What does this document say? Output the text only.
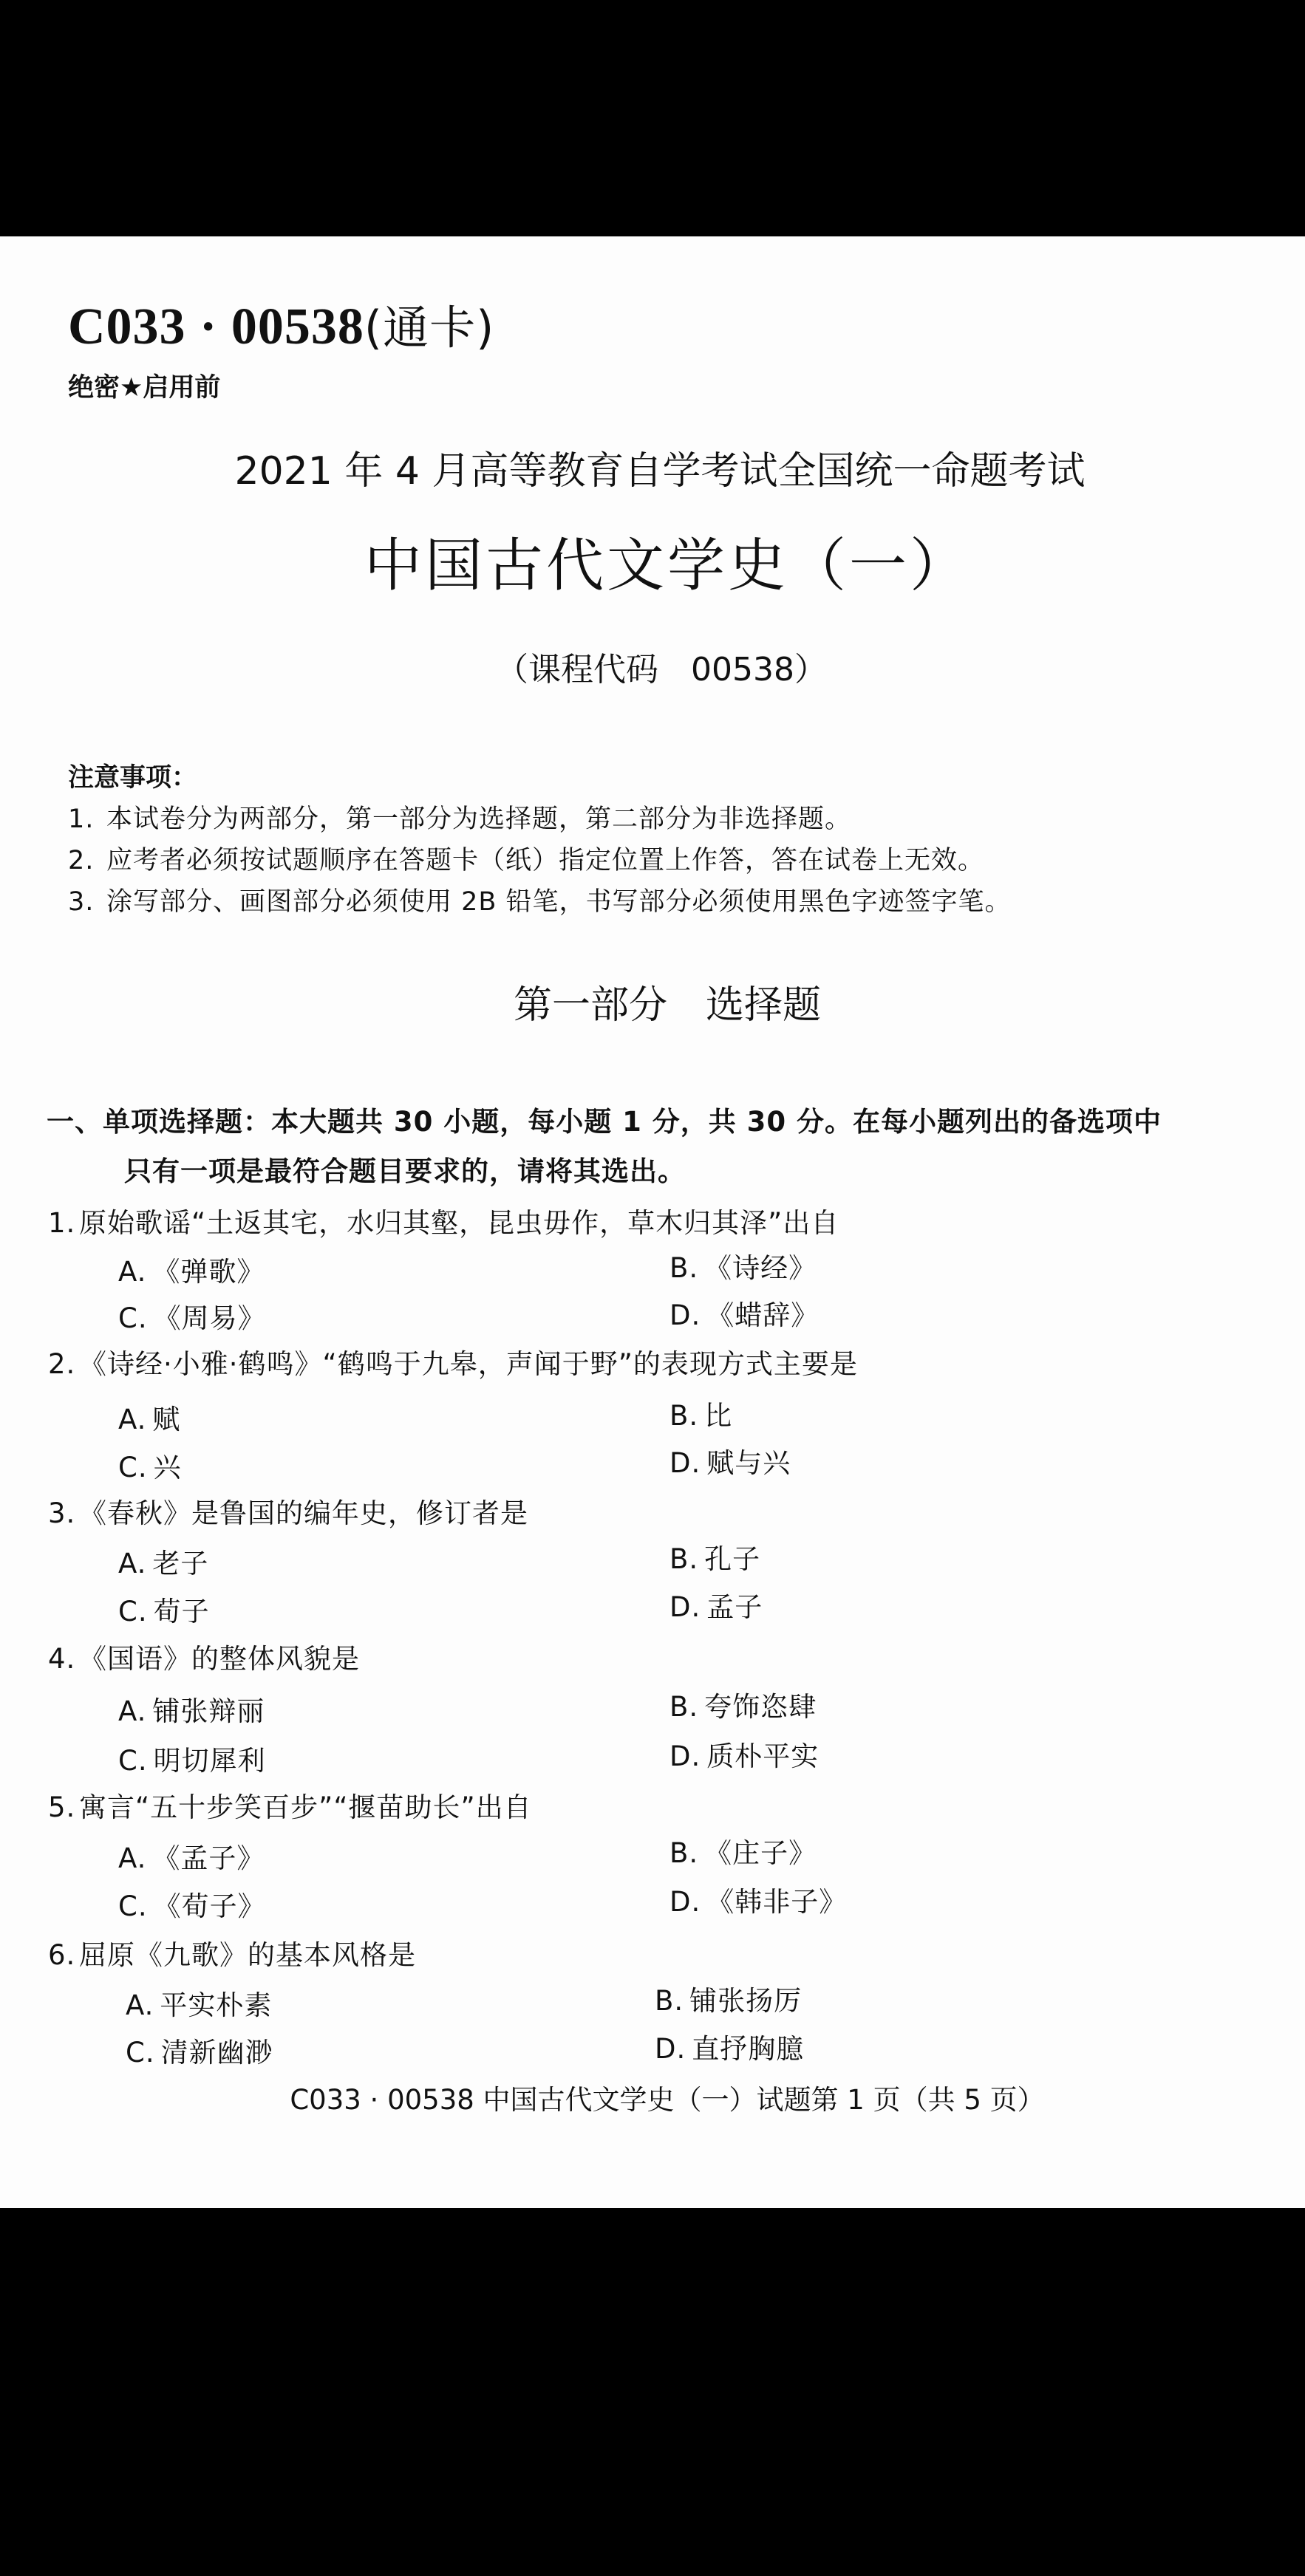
C033 · 00538(通卡)
绝密★启用前
2021 年 4 月高等教育自学考试全国统一命题考试
中国古代文学史（一）
（课程代码　00538）
注意事项：
1. 本试卷分为两部分，第一部分为选择题，第二部分为非选择题。
2. 应考者必须按试题顺序在答题卡（纸）指定位置上作答，答在试卷上无效。
3. 涂写部分、画图部分必须使用 2B 铅笔，书写部分必须使用黑色字迹签字笔。
第一部分　选择题
一、单项选择题：本大题共 30 小题，每小题 1 分，共 30 分。在每小题列出的备选项中
只有一项是最符合题目要求的，请将其选出。
1. 原始歌谣“土返其宅，水归其壑，昆虫毋作，草木归其泽”出自
A. 《弹歌》	B. 《诗经》
C. 《周易》	D. 《蜡辞》
2. 《诗经·小雅·鹤鸣》“鹤鸣于九皋，声闻于野”的表现方式主要是
A. 赋	B. 比
C. 兴	D. 赋与兴
3. 《春秋》是鲁国的编年史，修订者是
A. 老子	B. 孔子
C. 荀子	D. 孟子
4. 《国语》的整体风貌是
A. 铺张辩丽	B. 夸饰恣肆
C. 明切犀利	D. 质朴平实
5. 寓言“五十步笑百步”“揠苗助长”出自
A. 《孟子》	B. 《庄子》
C. 《荀子》	D. 《韩非子》
6. 屈原《九歌》的基本风格是
A. 平实朴素	B. 铺张扬厉
C. 清新幽渺	D. 直抒胸臆
C033 · 00538 中国古代文学史（一）试题第 1 页（共 5 页）
